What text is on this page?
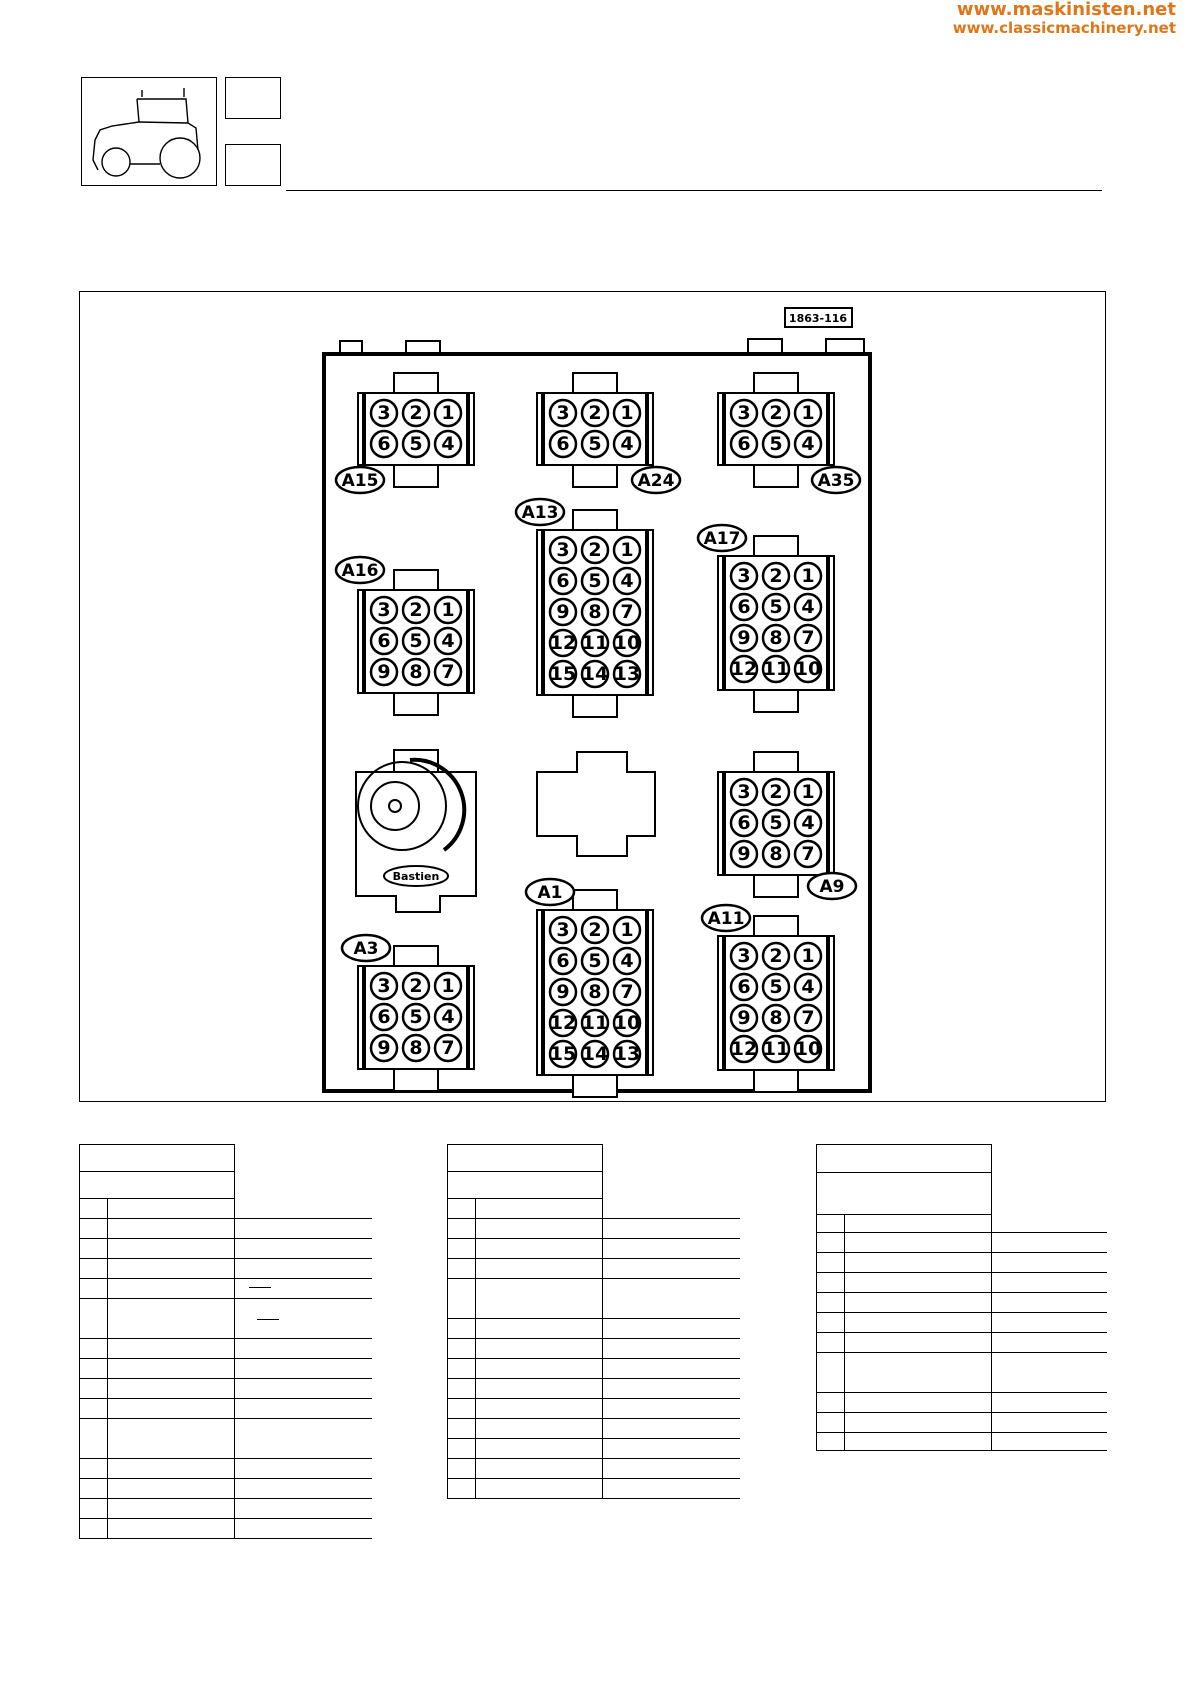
www.maskinisten.net
www.classicmachinery.net
1863-116
Bastien
3 2 1
6 5 4
A15
3 2 1
6 5 4
A24
3 2 1
6 5 4
A35
3 2 1
6 5 4
9 8 7
A16
3 2 1
6 5 4
9 8 7
12 11 10
15 14 13
A13
3 2 1
6 5 4
9 8 7
12 11 10
A17
3 2 1
6 5 4
9 8 7
A9
3 2 1
6 5 4
9 8 7
A3
3 2 1
6 5 4
9 8 7
12 11 10
15 14 13
A1
3 2 1
6 5 4
9 8 7
12 11 10
A11
